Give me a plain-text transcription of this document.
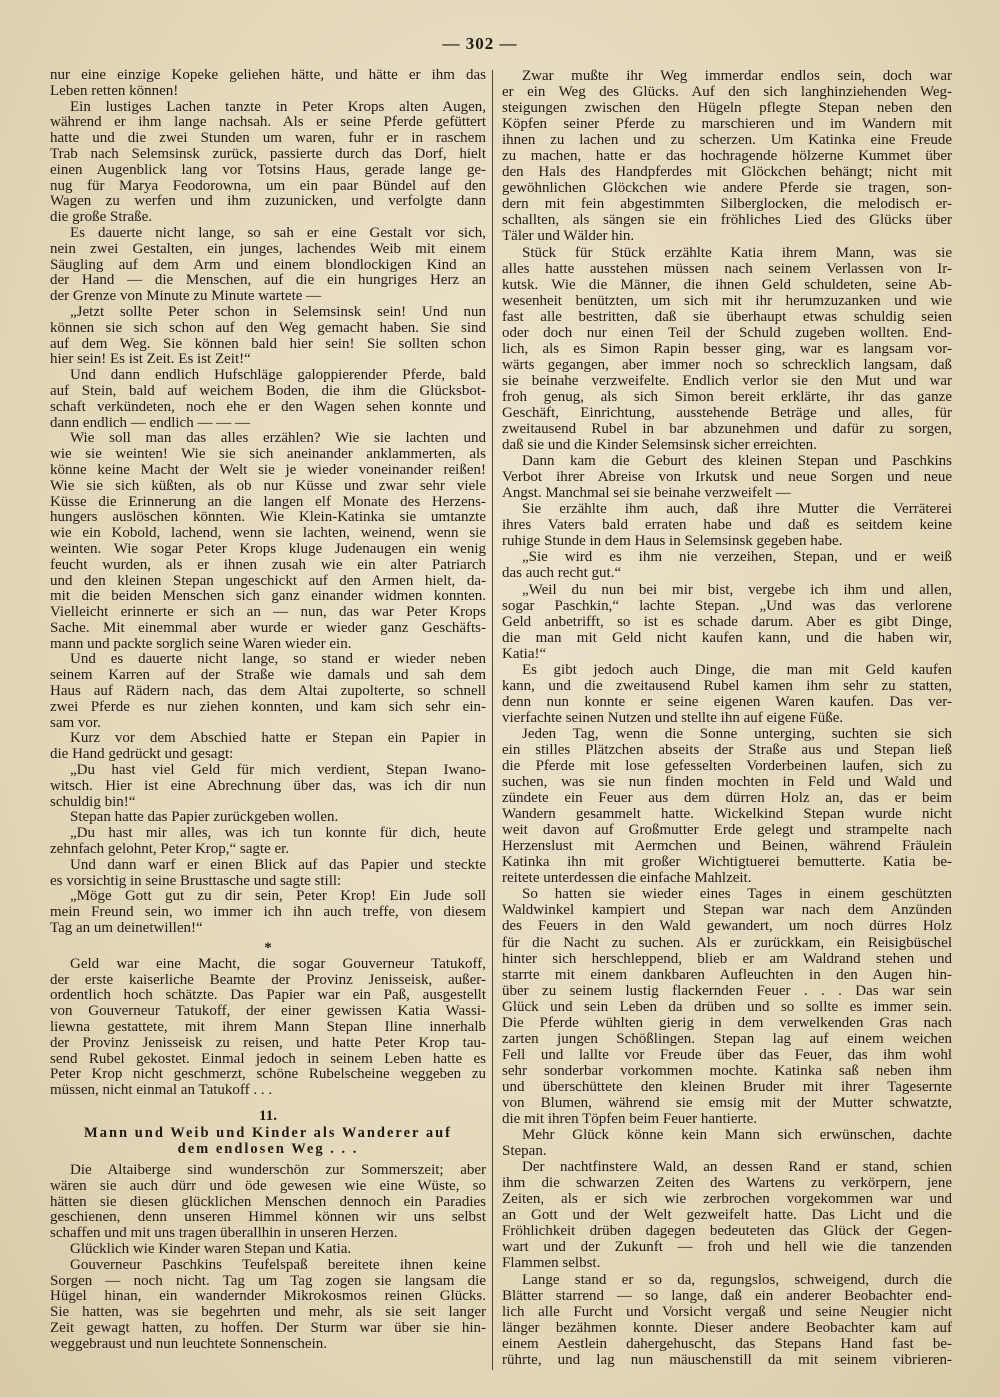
— 302 —
nur eine einzige Kopeke geliehen hätte, und hätte er ihm das
Leben retten können!
Ein lustiges Lachen tanzte in Peter Krops alten Augen,
während er ihm lange nachsah. Als er seine Pferde gefüttert
hatte und die zwei Stunden um waren, fuhr er in raschem
Trab nach Selemsinsk zurück, passierte durch das Dorf, hielt
einen Augenblick lang vor Totsins Haus, gerade lange ge-
nug für Marya Feodorowna, um ein paar Bündel auf den
Wagen zu werfen und ihm zuzunicken, und verfolgte dann
die große Straße.
Es dauerte nicht lange, so sah er eine Gestalt vor sich,
nein zwei Gestalten, ein junges, lachendes Weib mit einem
Säugling auf dem Arm und einem blondlockigen Kind an
der Hand — die Menschen, auf die ein hungriges Herz an
der Grenze von Minute zu Minute wartete —
„Jetzt sollte Peter schon in Selemsinsk sein! Und nun
können sie sich schon auf den Weg gemacht haben. Sie sind
auf dem Weg. Sie können bald hier sein! Sie sollten schon
hier sein! Es ist Zeit. Es ist Zeit!“
Und dann endlich Hufschläge galoppierender Pferde, bald
auf Stein, bald auf weichem Boden, die ihm die Glücksbot-
schaft verkündeten, noch ehe er den Wagen sehen konnte und
dann endlich — endlich — — —
Wie soll man das alles erzählen? Wie sie lachten und
wie sie weinten! Wie sie sich aneinander anklammerten, als
könne keine Macht der Welt sie je wieder voneinander reißen!
Wie sie sich küßten, als ob nur Küsse und zwar sehr viele
Küsse die Erinnerung an die langen elf Monate des Herzens-
hungers auslöschen könnten. Wie Klein-Katinka sie umtanzte
wie ein Kobold, lachend, wenn sie lachten, weinend, wenn sie
weinten. Wie sogar Peter Krops kluge Judenaugen ein wenig
feucht wurden, als er ihnen zusah wie ein alter Patriarch
und den kleinen Stepan ungeschickt auf den Armen hielt, da-
mit die beiden Menschen sich ganz einander widmen konnten.
Vielleicht erinnerte er sich an — nun, das war Peter Krops
Sache. Mit einemmal aber wurde er wieder ganz Geschäfts-
mann und packte sorglich seine Waren wieder ein.
Und es dauerte nicht lange, so stand er wieder neben
seinem Karren auf der Straße wie damals und sah dem
Haus auf Rädern nach, das dem Altai zupolterte, so schnell
zwei Pferde es nur ziehen konnten, und kam sich sehr ein-
sam vor.
Kurz vor dem Abschied hatte er Stepan ein Papier in
die Hand gedrückt und gesagt:
„Du hast viel Geld für mich verdient, Stepan Iwano-
witsch. Hier ist eine Abrechnung über das, was ich dir nun
schuldig bin!“
Stepan hatte das Papier zurückgeben wollen.
„Du hast mir alles, was ich tun konnte für dich, heute
zehnfach gelohnt, Peter Krop,“ sagte er.
Und dann warf er einen Blick auf das Papier und steckte
es vorsichtig in seine Brusttasche und sagte still:
„Möge Gott gut zu dir sein, Peter Krop! Ein Jude soll
mein Freund sein, wo immer ich ihn auch treffe, von diesem
Tag an um deinetwillen!“
*
Geld war eine Macht, die sogar Gouverneur Tatukoff,
der erste kaiserliche Beamte der Provinz Jenisseisk, außer-
ordentlich hoch schätzte. Das Papier war ein Paß, ausgestellt
von Gouverneur Tatukoff, der einer gewissen Katia Wassi-
liewna gestattete, mit ihrem Mann Stepan Iline innerhalb
der Provinz Jenisseisk zu reisen, und hatte Peter Krop tau-
send Rubel gekostet. Einmal jedoch in seinem Leben hatte es
Peter Krop nicht geschmerzt, schöne Rubelscheine weggeben zu
müssen, nicht einmal an Tatukoff . . .
11.
Mann und Weib und Kinder als Wanderer auf
dem endlosen Weg . . .
Die Altaiberge sind wunderschön zur Sommerszeit; aber
wären sie auch dürr und öde gewesen wie eine Wüste, so
hätten sie diesen glücklichen Menschen dennoch ein Paradies
geschienen, denn unseren Himmel können wir uns selbst
schaffen und mit uns tragen überallhin in unseren Herzen.
Glücklich wie Kinder waren Stepan und Katia.
Gouverneur Paschkins Teufelspaß bereitete ihnen keine
Sorgen — noch nicht. Tag um Tag zogen sie langsam die
Hügel hinan, ein wandernder Mikrokosmos reinen Glücks.
Sie hatten, was sie begehrten und mehr, als sie seit langer
Zeit gewagt hatten, zu hoffen. Der Sturm war über sie hin-
weggebraust und nun leuchtete Sonnenschein.
Zwar mußte ihr Weg immerdar endlos sein, doch war
er ein Weg des Glücks. Auf den sich langhinziehenden Weg-
steigungen zwischen den Hügeln pflegte Stepan neben den
Köpfen seiner Pferde zu marschieren und im Wandern mit
ihnen zu lachen und zu scherzen. Um Katinka eine Freude
zu machen, hatte er das hochragende hölzerne Kummet über
den Hals des Handpferdes mit Glöckchen behängt; nicht mit
gewöhnlichen Glöckchen wie andere Pferde sie tragen, son-
dern mit fein abgestimmten Silberglocken, die melodisch er-
schallten, als sängen sie ein fröhliches Lied des Glücks über
Täler und Wälder hin.
Stück für Stück erzählte Katia ihrem Mann, was sie
alles hatte ausstehen müssen nach seinem Verlassen von Ir-
kutsk. Wie die Männer, die ihnen Geld schuldeten, seine Ab-
wesenheit benützten, um sich mit ihr herumzuzanken und wie
fast alle bestritten, daß sie überhaupt etwas schuldig seien
oder doch nur einen Teil der Schuld zugeben wollten. End-
lich, als es Simon Rapin besser ging, war es langsam vor-
wärts gegangen, aber immer noch so schrecklich langsam, daß
sie beinahe verzweifelte. Endlich verlor sie den Mut und war
froh genug, als sich Simon bereit erklärte, ihr das ganze
Geschäft, Einrichtung, ausstehende Beträge und alles, für
zweitausend Rubel in bar abzunehmen und dafür zu sorgen,
daß sie und die Kinder Selemsinsk sicher erreichten.
Dann kam die Geburt des kleinen Stepan und Paschkins
Verbot ihrer Abreise von Irkutsk und neue Sorgen und neue
Angst. Manchmal sei sie beinahe verzweifelt —
Sie erzählte ihm auch, daß ihre Mutter die Verräterei
ihres Vaters bald erraten habe und daß es seitdem keine
ruhige Stunde in dem Haus in Selemsinsk gegeben habe.
„Sie wird es ihm nie verzeihen, Stepan, und er weiß
das auch recht gut.“
„Weil du nun bei mir bist, vergebe ich ihm und allen,
sogar Paschkin,“ lachte Stepan. „Und was das verlorene
Geld anbetrifft, so ist es schade darum. Aber es gibt Dinge,
die man mit Geld nicht kaufen kann, und die haben wir,
Katia!“
Es gibt jedoch auch Dinge, die man mit Geld kaufen
kann, und die zweitausend Rubel kamen ihm sehr zu statten,
denn nun konnte er seine eigenen Waren kaufen. Das ver-
vierfachte seinen Nutzen und stellte ihn auf eigene Füße.
Jeden Tag, wenn die Sonne unterging, suchten sie sich
ein stilles Plätzchen abseits der Straße aus und Stepan ließ
die Pferde mit lose gefesselten Vorderbeinen laufen, sich zu
suchen, was sie nun finden mochten in Feld und Wald und
zündete ein Feuer aus dem dürren Holz an, das er beim
Wandern gesammelt hatte. Wickelkind Stepan wurde nicht
weit davon auf Großmutter Erde gelegt und strampelte nach
Herzenslust mit Aermchen und Beinen, während Fräulein
Katinka ihn mit großer Wichtigtuerei bemutterte. Katia be-
reitete unterdessen die einfache Mahlzeit.
So hatten sie wieder eines Tages in einem geschützten
Waldwinkel kampiert und Stepan war nach dem Anzünden
des Feuers in den Wald gewandert, um noch dürres Holz
für die Nacht zu suchen. Als er zurückkam, ein Reisigbüschel
hinter sich herschleppend, blieb er am Waldrand stehen und
starrte mit einem dankbaren Aufleuchten in den Augen hin-
über zu seinem lustig flackernden Feuer . . . Das war sein
Glück und sein Leben da drüben und so sollte es immer sein.
Die Pferde wühlten gierig in dem verwelkenden Gras nach
zarten jungen Schößlingen. Stepan lag auf einem weichen
Fell und lallte vor Freude über das Feuer, das ihm wohl
sehr sonderbar vorkommen mochte. Katinka saß neben ihm
und überschüttete den kleinen Bruder mit ihrer Tagesernte
von Blumen, während sie emsig mit der Mutter schwatzte,
die mit ihren Töpfen beim Feuer hantierte.
Mehr Glück könne kein Mann sich erwünschen, dachte
Stepan.
Der nachtfinstere Wald, an dessen Rand er stand, schien
ihm die schwarzen Zeiten des Wartens zu verkörpern, jene
Zeiten, als er sich wie zerbrochen vorgekommen war und
an Gott und der Welt gezweifelt hatte. Das Licht und die
Fröhlichkeit drüben dagegen bedeuteten das Glück der Gegen-
wart und der Zukunft — froh und hell wie die tanzenden
Flammen selbst.
Lange stand er so da, regungslos, schweigend, durch die
Blätter starrend — so lange, daß ein anderer Beobachter end-
lich alle Furcht und Vorsicht vergaß und seine Neugier nicht
länger bezähmen konnte. Dieser andere Beobachter kam auf
einem Aestlein dahergehuscht, das Stepans Hand fast be-
rührte, und lag nun mäuschenstill da mit seinem vibrieren-
